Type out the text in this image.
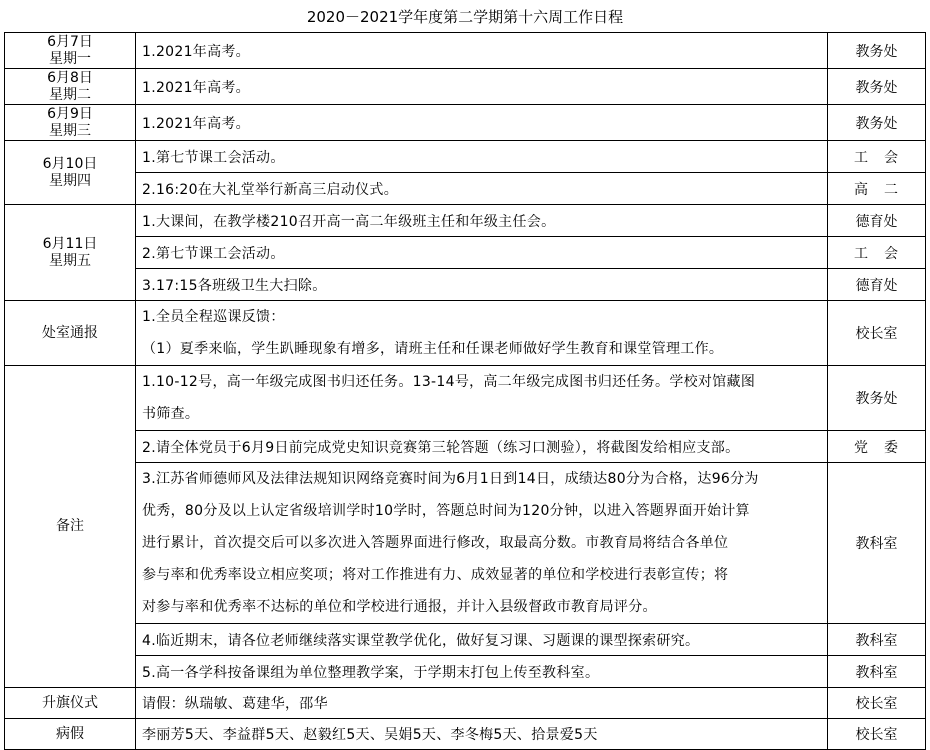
2020－2021学年度第二学期第十六周工作日程
6月7日
星期一	1.2021年高考。	教务处

6月8日
星期二	1.2021年高考。	教务处

6月9日
星期三	1.2021年高考。	教务处

6月10日
星期四	1.第七节课工会活动。	工　会
	2.16:20在大礼堂举行新高三启动仪式。	高　二

6月11日
星期五	1.大课间，在教学楼210召开高一高二年级班主任和年级主任会。	德育处
	2.第七节课工会活动。	工　会
	3.17:15各班级卫生大扫除。	德育处
处室通报	1.全员全程巡课反馈：
（1）夏季来临，学生趴睡现象有增多，请班主任和任课老师做好学生教育和课堂管理工作。	校长室
备注	1.10-12号，高一年级完成图书归还任务。13-14号，高二年级完成图书归还任务。学校对馆藏图
书筛查。	教务处
	2.请全体党员于6月9日前完成党史知识竞赛第三轮答题（练习口测验），将截图发给相应支部。	党　委

	3.江苏省师德师风及法律法规知识网络竞赛时间为6月1日到14日，成绩达80分为合格，达96分为
优秀，80分及以上认定省级培训学时10学时，答题总时间为120分钟，以进入答题界面开始计算
进行累计，首次提交后可以多次进入答题界面进行修改，取最高分数。市教育局将结合各单位
参与率和优秀率设立相应奖项；将对工作推进有力、成效显著的单位和学校进行表彰宣传；将
对参与率和优秀率不达标的单位和学校进行通报，并计入县级督政市教育局评分。	教科室
	4.临近期末，请各位老师继续落实课堂教学优化，做好复习课、习题课的课型探索研究。	教科室
	5.高一各学科按备课组为单位整理教学案，于学期末打包上传至教科室。	教科室
升旗仪式	请假：纵瑞敏、葛建华，邵华	校长室
病假	李丽芳5天、李益群5天、赵毅红5天、吴娟5天、李冬梅5天、拾景爱5天	校长室
